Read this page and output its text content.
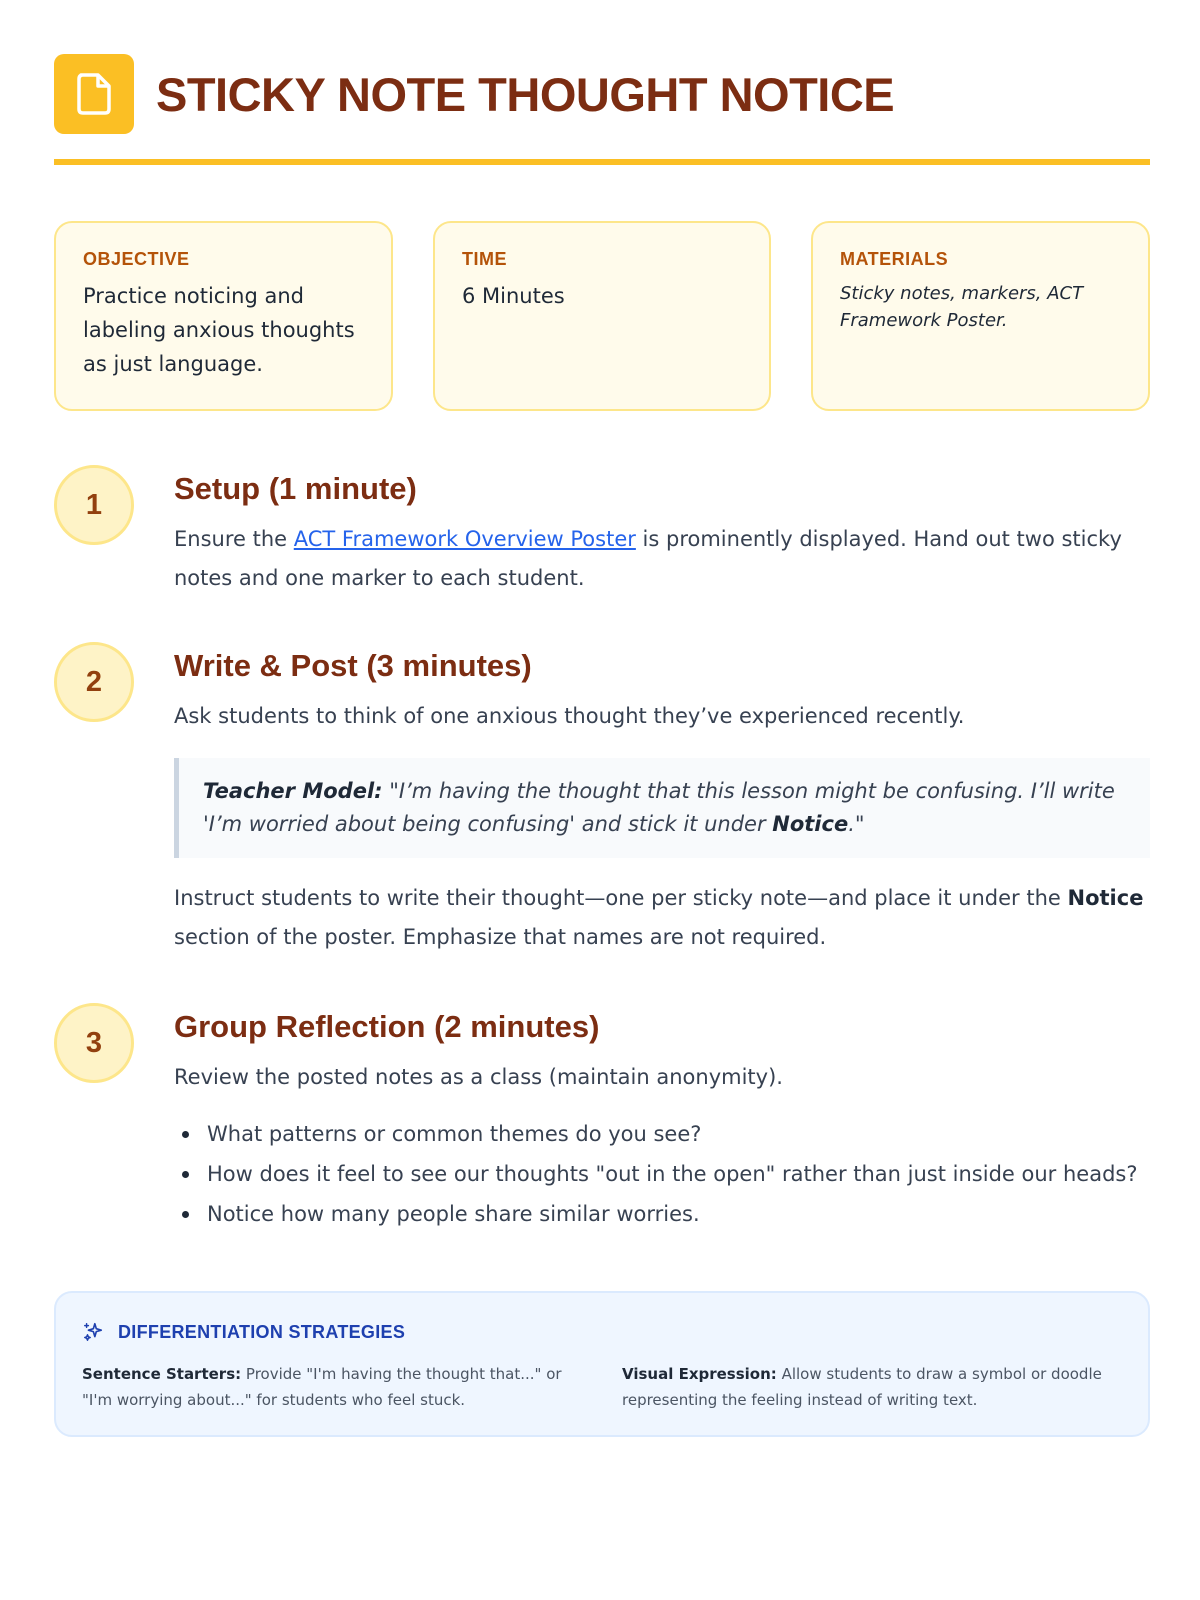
STICKY NOTE THOUGHT NOTICE
OBJECTIVE
Practice noticing and labeling anxious thoughts as just language.
TIME
6 Minutes
MATERIALS
Sticky notes, markers, ACT Framework Poster.
1	Setup (1 minute)

Ensure the ACT Framework Overview Poster is prominently displayed. Hand out two sticky notes and one marker to each student.

2	Write & Post (3 minutes)

Ask students to think of one anxious thought they’ve experienced recently.

Teacher Model: "I’m having the thought that this lesson might be confusing. I’ll write 'I’m worried about being confusing' and stick it under Notice."

Instruct students to write their thought—one per sticky note—and place it under the Notice section of the poster. Emphasize that names are not required.

3	Group Reflection (2 minutes)

Review the posted notes as a class (maintain anonymity).

What patterns or common themes do you see?
How does it feel to see our thoughts "out in the open" rather than just inside our heads?
Notice how many people share similar worries.
DIFFERENTIATION STRATEGIES
Sentence Starters: Provide "I'm having the thought that..." or "I'm worrying about..." for students who feel stuck.
Visual Expression: Allow students to draw a symbol or doodle representing the feeling instead of writing text.
